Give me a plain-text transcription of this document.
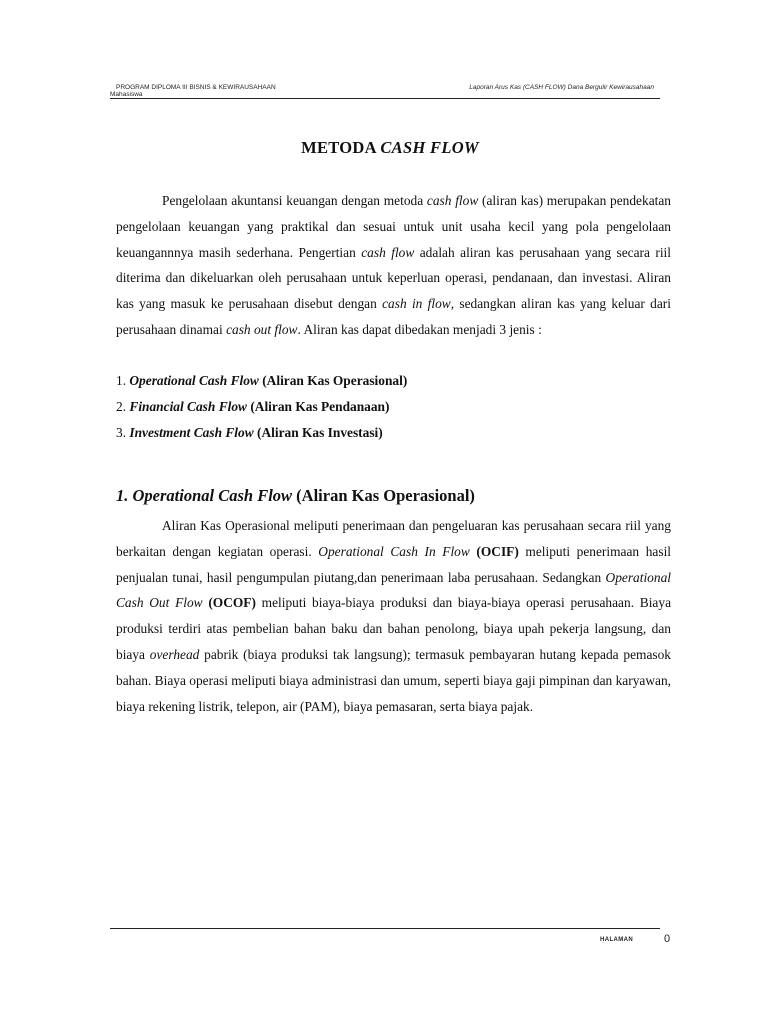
PROGRAM DIPLOMA III BISNIS & KEWIRAUSAHAAN
Mahasiswa
Laporan Arus Kas (CASH FLOW) Dana Bergulir Kewirausahaan
METODA CASH FLOW
Pengelolaan akuntansi keuangan dengan metoda cash flow (aliran kas) merupakan pendekatan pengelolaan keuangan yang praktikal dan sesuai untuk unit usaha kecil yang pola pengelolaan keuangannnya masih sederhana. Pengertian cash flow adalah aliran kas perusahaan yang secara riil diterima dan dikeluarkan oleh perusahaan untuk keperluan operasi, pendanaan, dan investasi. Aliran kas yang masuk ke perusahaan disebut dengan cash in flow, sedangkan aliran kas yang keluar dari perusahaan dinamai cash out flow. Aliran kas dapat dibedakan menjadi 3 jenis :
1. Operational Cash Flow (Aliran Kas Operasional)
2. Financial Cash Flow (Aliran Kas Pendanaan)
3. Investment Cash Flow (Aliran Kas Investasi)
1. Operational Cash Flow (Aliran Kas Operasional)
Aliran Kas Operasional meliputi penerimaan dan pengeluaran kas perusahaan secara riil yang berkaitan dengan kegiatan operasi. Operational Cash In Flow (OCIF) meliputi penerimaan hasil penjualan tunai, hasil pengumpulan piutang,dan penerimaan laba perusahaan. Sedangkan Operational Cash Out Flow (OCOF) meliputi biaya-biaya produksi dan biaya-biaya operasi perusahaan. Biaya produksi terdiri atas pembelian bahan baku dan bahan penolong, biaya upah pekerja langsung, dan biaya overhead pabrik (biaya produksi tak langsung); termasuk pembayaran hutang kepada pemasok bahan. Biaya operasi meliputi biaya administrasi dan umum, seperti biaya gaji pimpinan dan karyawan, biaya rekening listrik, telepon, air (PAM), biaya pemasaran, serta biaya pajak.
HALAMAN	0
